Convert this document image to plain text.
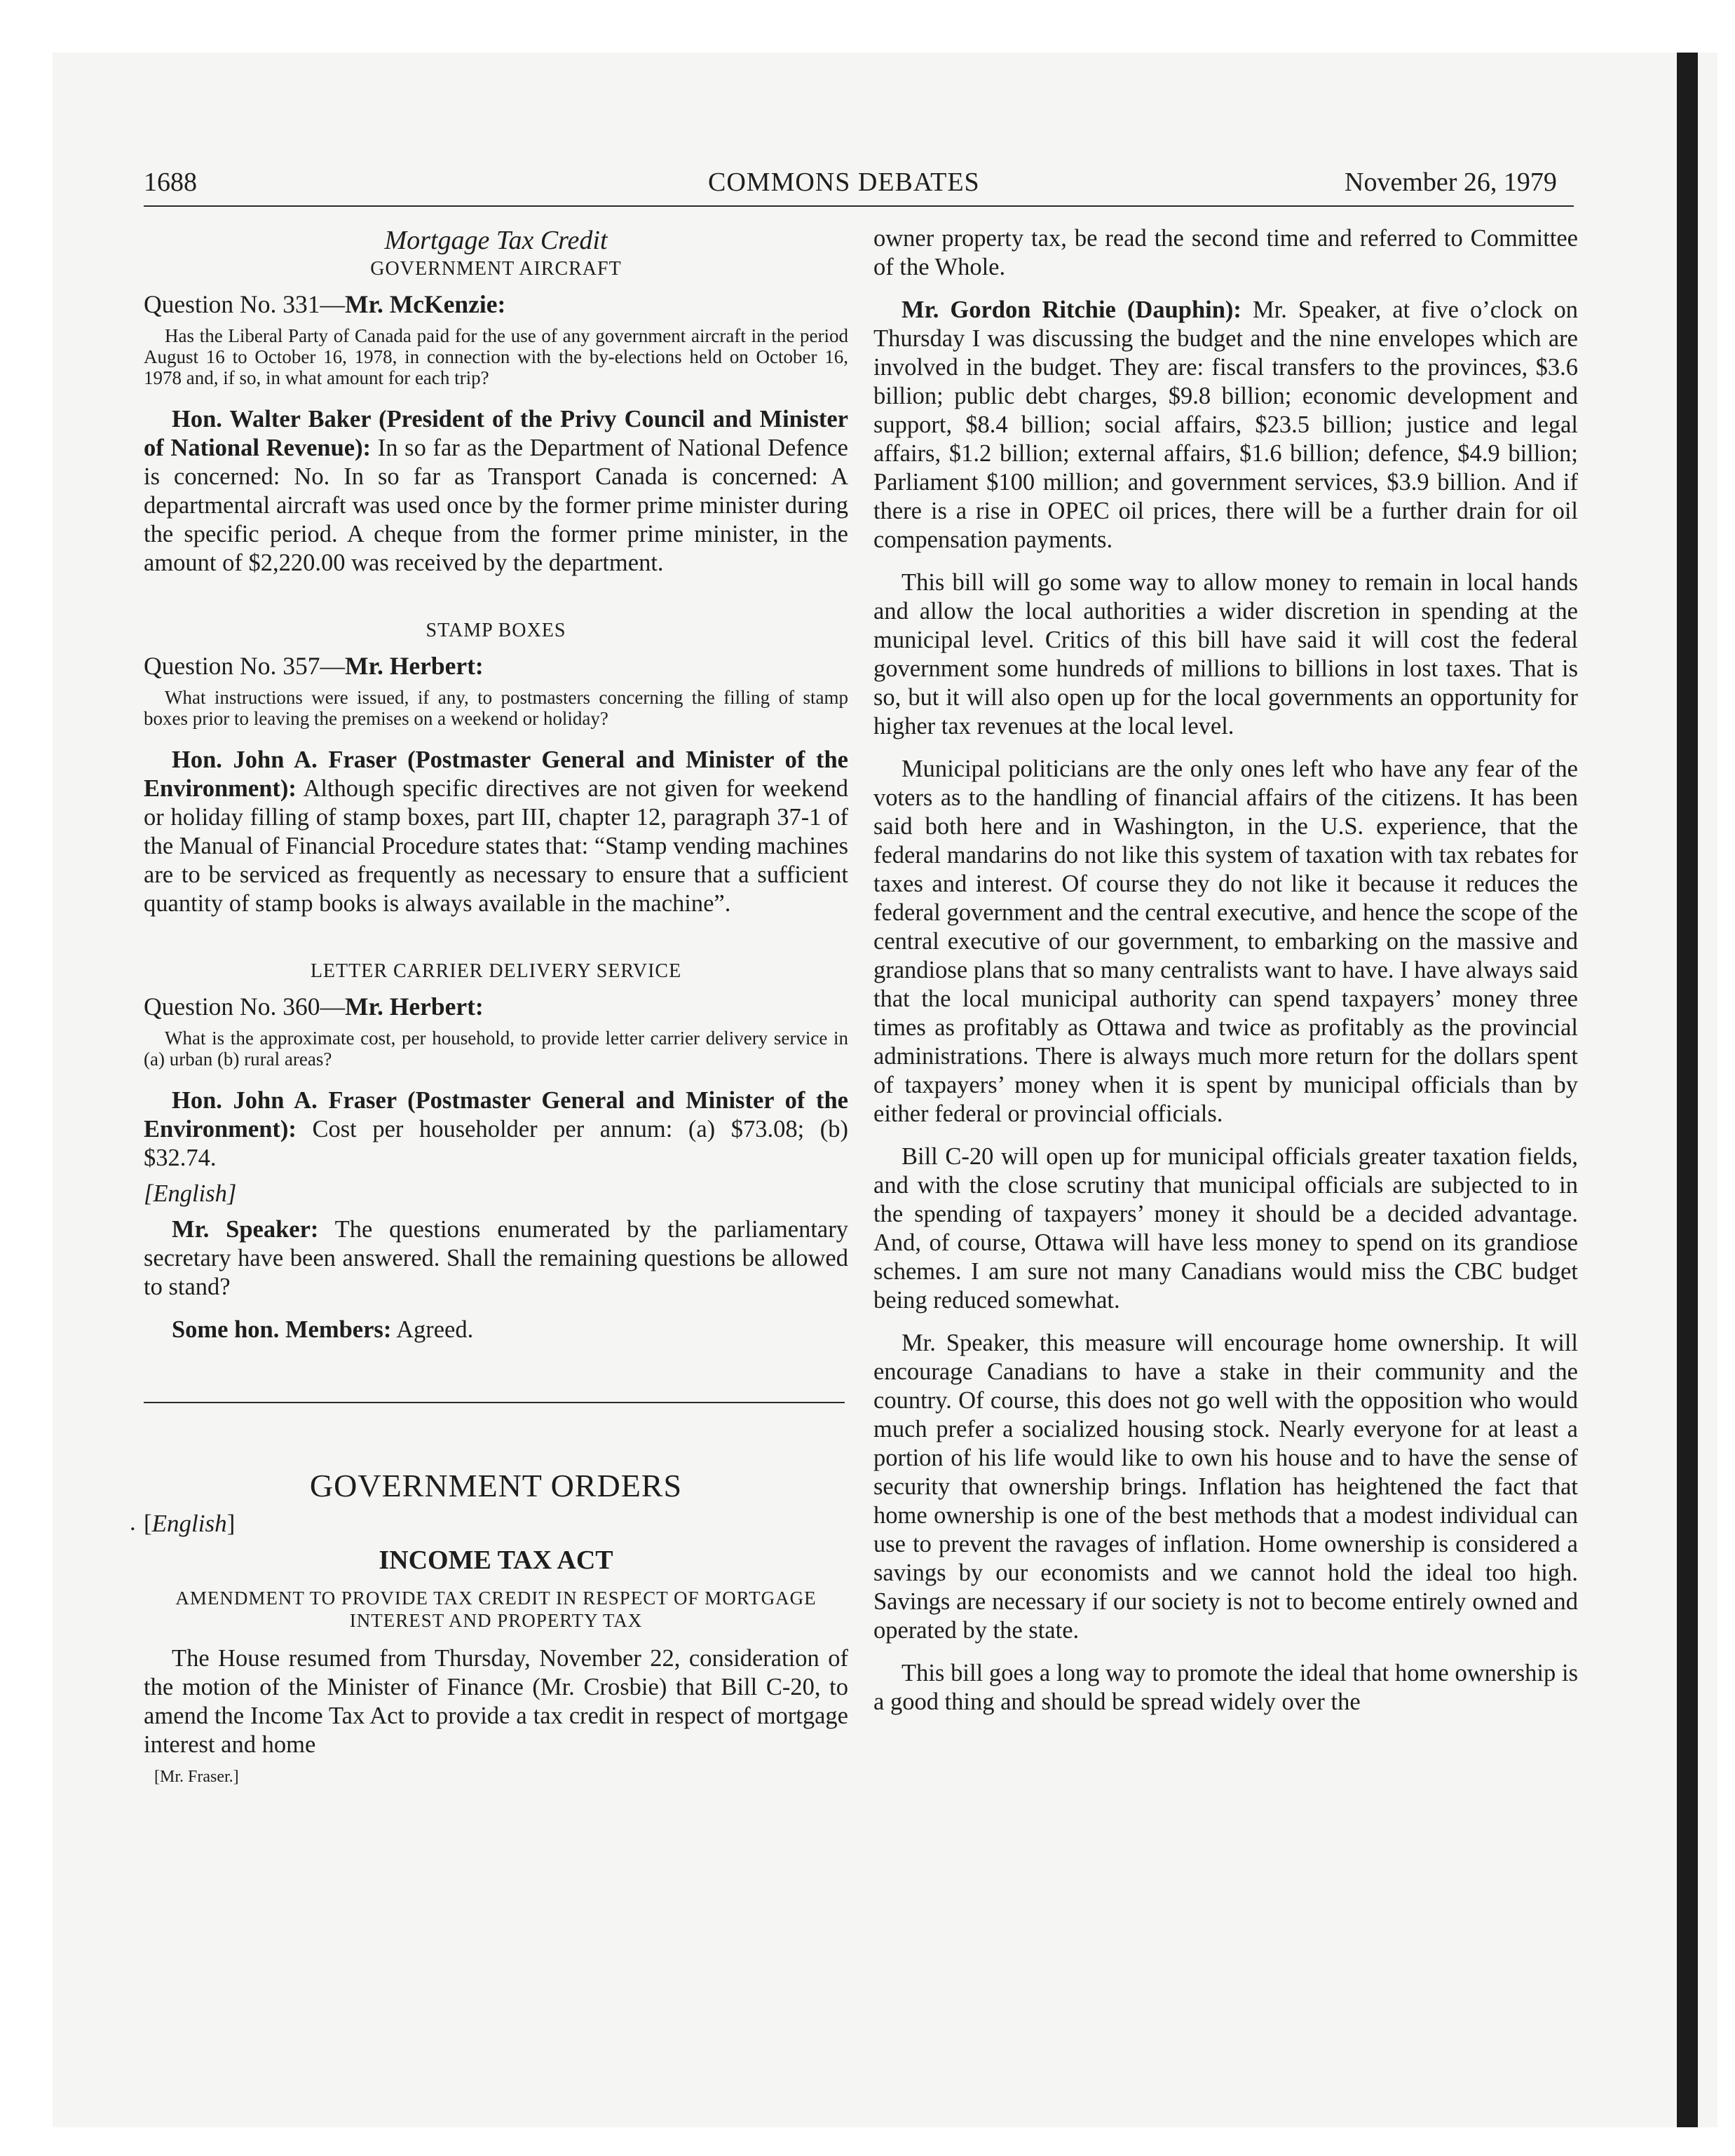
1688	COMMONS DEBATES	November 26, 1979

Mortgage Tax Credit

GOVERNMENT AIRCRAFT

Question No. 331—Mr. McKenzie:

Has the Liberal Party of Canada paid for the use of any government aircraft in the period August 16 to October 16, 1978, in connection with the by-elections held on October 16, 1978 and, if so, in what amount for each trip?

Hon. Walter Baker (President of the Privy Council and Minister of National Revenue): In so far as the Department of National Defence is concerned: No. In so far as Transport Canada is concerned: A departmental aircraft was used once by the former prime minister during the specific period. A cheque from the former prime minister, in the amount of $2,220.00 was received by the department.

STAMP BOXES

Question No. 357—Mr. Herbert:

What instructions were issued, if any, to postmasters concerning the filling of stamp boxes prior to leaving the premises on a weekend or holiday?

Hon. John A. Fraser (Postmaster General and Minister of the Environment): Although specific directives are not given for weekend or holiday filling of stamp boxes, part III, chapter 12, paragraph 37-1 of the Manual of Financial Procedure states that: “Stamp vending machines are to be serviced as frequently as necessary to ensure that a sufficient quantity of stamp books is always available in the machine”.

LETTER CARRIER DELIVERY SERVICE

Question No. 360—Mr. Herbert:

What is the approximate cost, per household, to provide letter carrier delivery service in (a) urban (b) rural areas?

Hon. John A. Fraser (Postmaster General and Minister of the Environment): Cost per householder per annum: (a) $73.08; (b) $32.74.

[English]

Mr. Speaker: The questions enumerated by the parliamentary secretary have been answered. Shall the remaining questions be allowed to stand?

Some hon. Members: Agreed.

GOVERNMENT ORDERS

. [English]

INCOME TAX ACT

AMENDMENT TO PROVIDE TAX CREDIT IN RESPECT OF MORTGAGE INTEREST AND PROPERTY TAX

The House resumed from Thursday, November 22, consideration of the motion of the Minister of Finance (Mr. Crosbie) that Bill C-20, to amend the Income Tax Act to provide a tax credit in respect of mortgage interest and home

[Mr. Fraser.]

owner property tax, be read the second time and referred to Committee of the Whole.

Mr. Gordon Ritchie (Dauphin): Mr. Speaker, at five o’clock on Thursday I was discussing the budget and the nine envelopes which are involved in the budget. They are: fiscal transfers to the provinces, $3.6 billion; public debt charges, $9.8 billion; economic development and support, $8.4 billion; social affairs, $23.5 billion; justice and legal affairs, $1.2 billion; external affairs, $1.6 billion; defence, $4.9 billion; Parliament $100 million; and government services, $3.9 billion. And if there is a rise in OPEC oil prices, there will be a further drain for oil compensation payments.

This bill will go some way to allow money to remain in local hands and allow the local authorities a wider discretion in spending at the municipal level. Critics of this bill have said it will cost the federal government some hundreds of millions to billions in lost taxes. That is so, but it will also open up for the local governments an opportunity for higher tax revenues at the local level.

Municipal politicians are the only ones left who have any fear of the voters as to the handling of financial affairs of the citizens. It has been said both here and in Washington, in the U.S. experience, that the federal mandarins do not like this system of taxation with tax rebates for taxes and interest. Of course they do not like it because it reduces the federal government and the central executive, and hence the scope of the central executive of our government, to embarking on the massive and grandiose plans that so many centralists want to have. I have always said that the local municipal authority can spend taxpayers’ money three times as profitably as Ottawa and twice as profitably as the provincial administrations. There is always much more return for the dollars spent of taxpayers’ money when it is spent by municipal officials than by either federal or provincial officials.

Bill C-20 will open up for municipal officials greater taxation fields, and with the close scrutiny that municipal officials are subjected to in the spending of taxpayers’ money it should be a decided advantage. And, of course, Ottawa will have less money to spend on its grandiose schemes. I am sure not many Canadians would miss the CBC budget being reduced somewhat.

Mr. Speaker, this measure will encourage home ownership. It will encourage Canadians to have a stake in their community and the country. Of course, this does not go well with the opposition who would much prefer a socialized housing stock. Nearly everyone for at least a portion of his life would like to own his house and to have the sense of security that ownership brings. Inflation has heightened the fact that home ownership is one of the best methods that a modest individual can use to prevent the ravages of inflation. Home ownership is considered a savings by our economists and we cannot hold the ideal too high. Savings are necessary if our society is not to become entirely owned and operated by the state.

This bill goes a long way to promote the ideal that home ownership is a good thing and should be spread widely over the
